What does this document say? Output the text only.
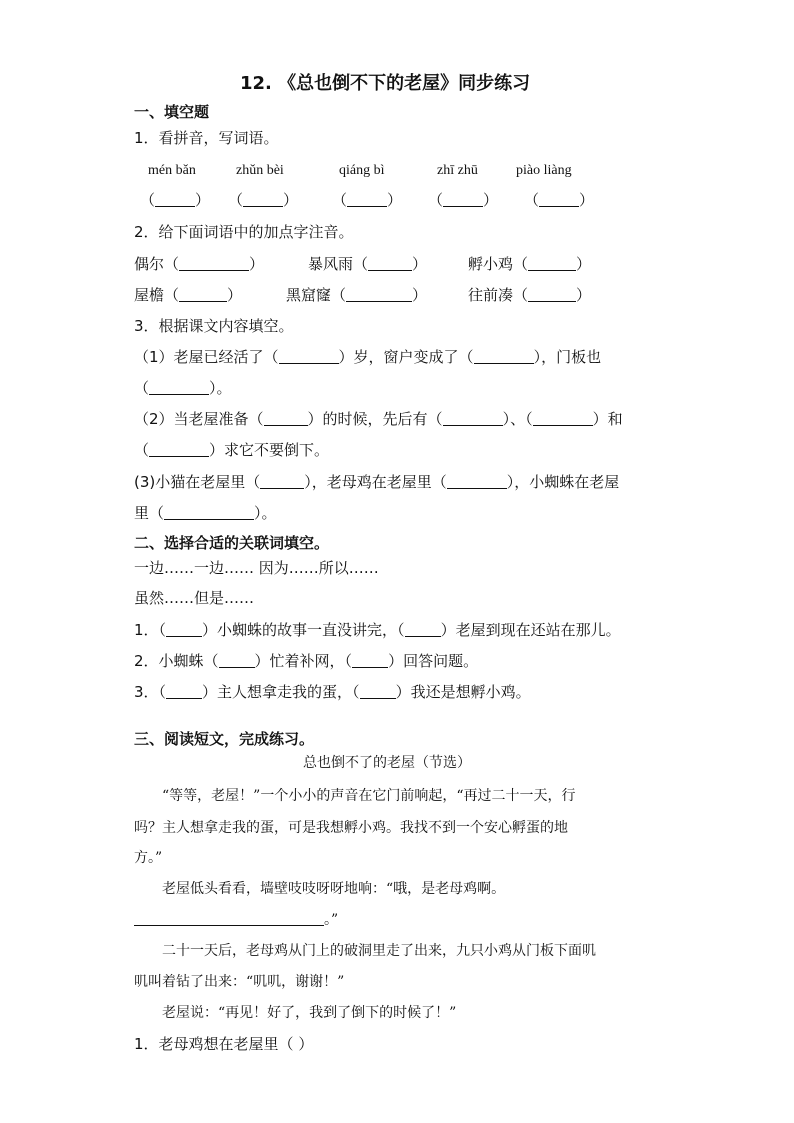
12. 《总也倒不下的老屋》同步练习
一、填空题
1．看拼音，写词语。
mén bǎn	zhǔn bèi	qiáng bì	zhī zhū	piào liàng
（	） （	） （	） （	） （	）
2．给下面词语中的加点字注音。
偶尔（	）	暴风雨（	）	孵小鸡（	）
屋檐（	）	黑窟窿（	）	往前凑（	）
3．根据课文内容填空。
（1）老屋已经活了（	）岁，窗户变成了（	），门板也
（	）。
（2）当老屋准备（	）的时候，先后有（	）、（	）和
（	）求它不要倒下。
(3)小猫在老屋里（	），老母鸡在老屋里（	），小蜘蛛在老屋
里（	）。
二、选择合适的关联词填空。
一边……一边…… 因为……所以……
虽然……但是……
1．（ ）小蜘蛛的故事一直没讲完，（ ）老屋到现在还站在那儿。
2．小蜘蛛（ ）忙着补网，（ ）回答问题。
3．（ ）主人想拿走我的蛋，（ ）我还是想孵小鸡。
三、阅读短文，完成练习。
总也倒不了的老屋（节选）
“等等，老屋！”一个小小的声音在它门前响起，“再过二十一天，行
吗？主人想拿走我的蛋，可是我想孵小鸡。我找不到一个安心孵蛋的地
方。”
老屋低头看看，墙壁吱吱呀呀地响：“哦，是老母鸡啊。
。”
二十一天后，老母鸡从门上的破洞里走了出来，九只小鸡从门板下面叽
叽叫着钻了出来：“叽叽，谢谢！”
老屋说：“再见！好了，我到了倒下的时候了！”
1．老母鸡想在老屋里（ ）
